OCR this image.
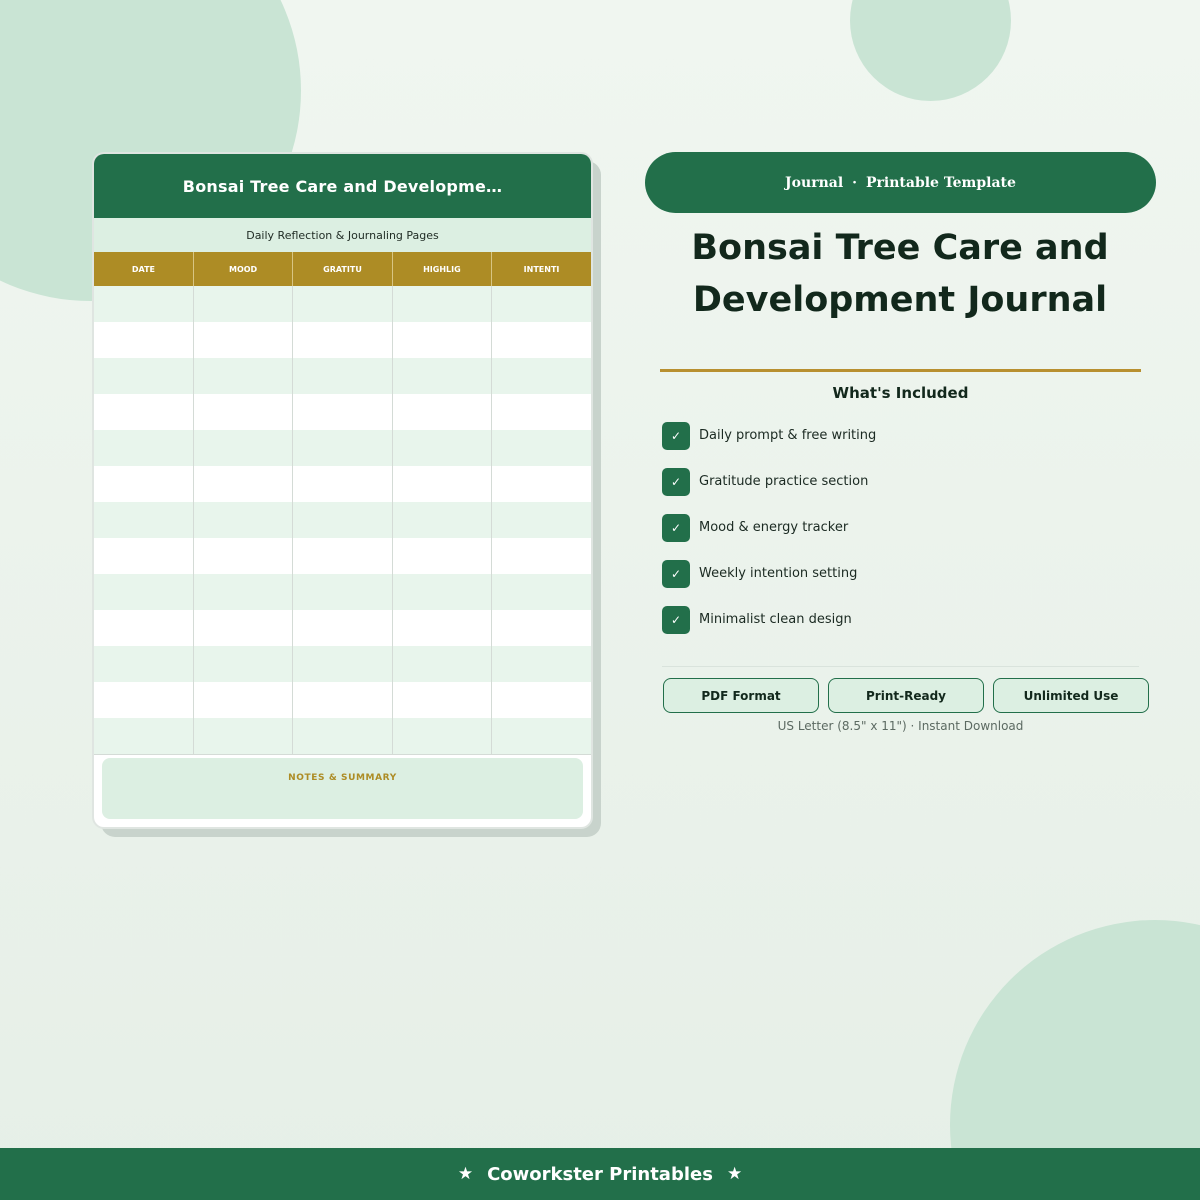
Bonsai Tree Care and Developme…
Daily Reflection & Journaling Pages
DATE	MOOD	GRATITU	HIGHLIG	INTENTI

NOTES & SUMMARY
Journal · Printable Template
Bonsai Tree Care and Development Journal
What's Included
✓	Daily prompt & free writing
✓	Gratitude practice section
✓	Mood & energy tracker
✓	Weekly intention setting
✓	Minimalist clean design
PDF Format	Print-Ready	Unlimited Use
US Letter (8.5" x 11") · Instant Download
★ Coworkster Printables ★
